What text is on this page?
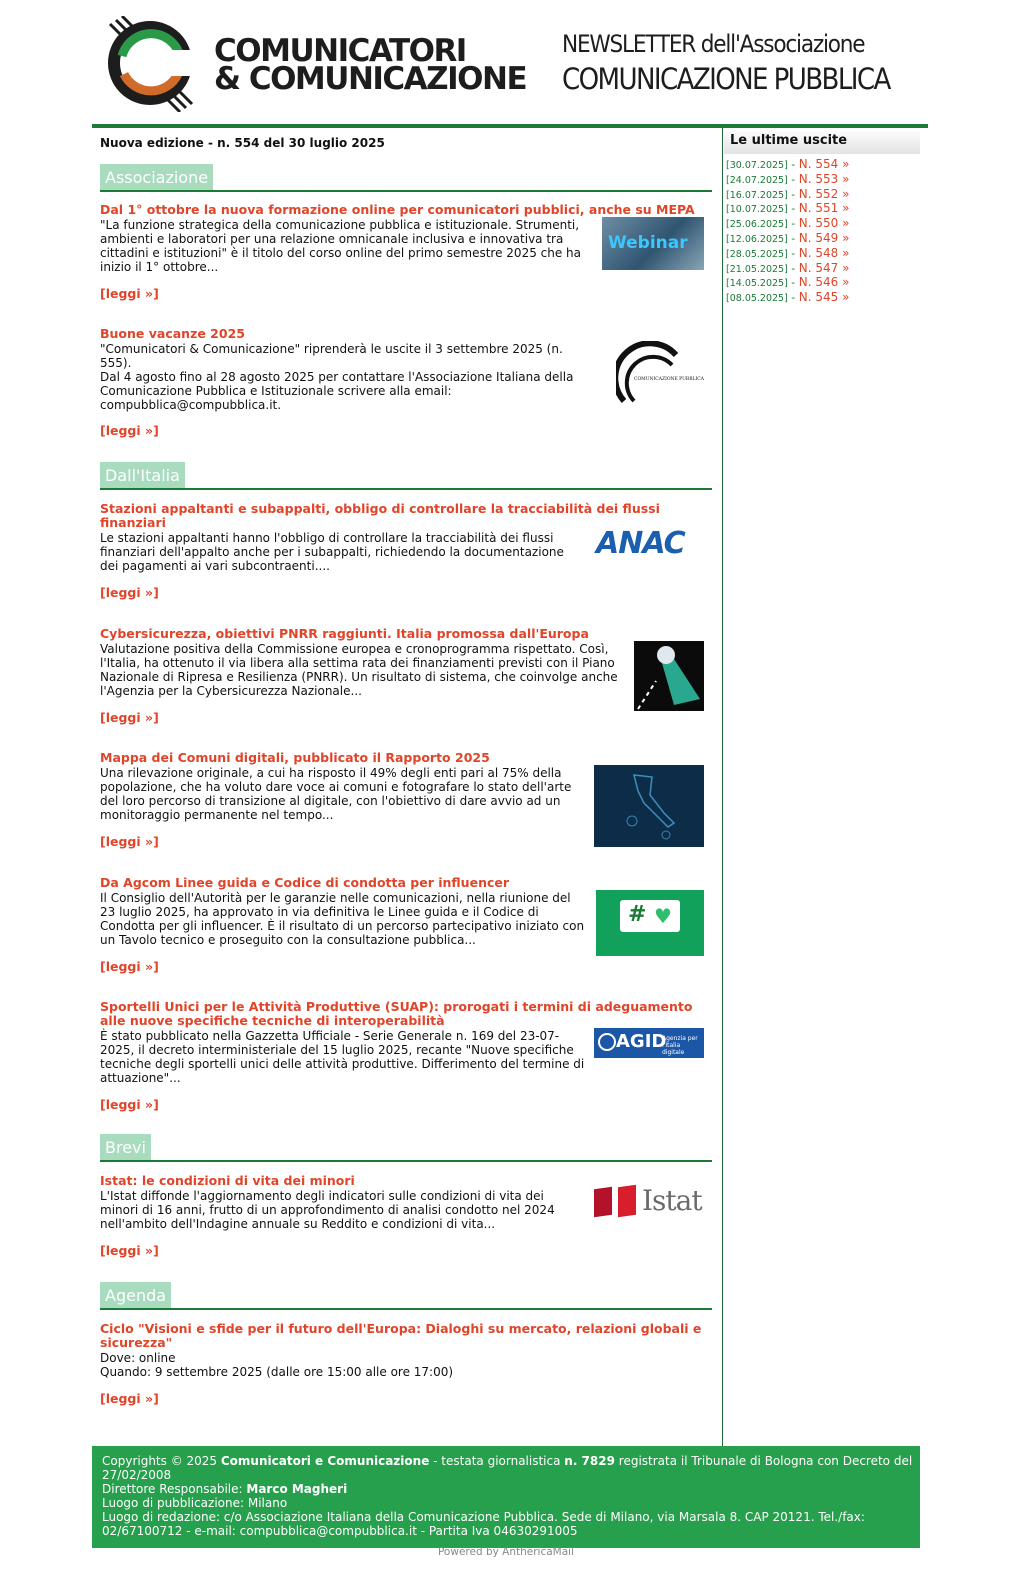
COMUNICATORI
& COMUNICAZIONE
NEWSLETTER dell'Associazione
COMUNICAZIONE PUBBLICA
Nuova edizione - n. 554 del 30 luglio 2025
Associazione
Dal 1° ottobre la nuova formazione online per comunicatori pubblici, anche su MEPA
"La funzione strategica della comunicazione pubblica e istituzionale. Strumenti, ambienti e laboratori per una relazione omnicanale inclusiva e innovativa tra cittadini e istituzioni" è il titolo del corso online del primo semestre 2025 che ha inizio il 1° ottobre...
[leggi »]
Webinar
Buone vacanze 2025
"Comunicatori & Comunicazione" riprenderà le uscite il 3 settembre 2025 (n. 555).
Dal 4 agosto fino al 28 agosto 2025 per contattare l'Associazione Italiana della Comunicazione Pubblica e Istituzionale scrivere alla email: compubblica@compubblica.it.
[leggi »]
COMUNICAZIONE PUBBLICA
Dall'Italia
Stazioni appaltanti e subappalti, obbligo di controllare la tracciabilità dei flussi finanziari
Le stazioni appaltanti hanno l'obbligo di controllare la tracciabilità dei flussi finanziari dell'appalto anche per i subappalti, richiedendo la documentazione dei pagamenti ai vari subcontraenti....
[leggi »]
ANAC
Cybersicurezza, obiettivi PNRR raggiunti. Italia promossa dall'Europa
Valutazione positiva della Commissione europea e cronoprogramma rispettato. Così, l'Italia, ha ottenuto il via libera alla settima rata dei finanziamenti previsti con il Piano Nazionale di Ripresa e Resilienza (PNRR). Un risultato di sistema, che coinvolge anche l'Agenzia per la Cybersicurezza Nazionale...
[leggi »]
Mappa dei Comuni digitali, pubblicato il Rapporto 2025
Una rilevazione originale, a cui ha risposto il 49% degli enti pari al 75% della popolazione, che ha voluto dare voce ai comuni e fotografare lo stato dell'arte del loro percorso di transizione al digitale, con l'obiettivo di dare avvio ad un monitoraggio permanente nel tempo...
[leggi »]
Da Agcom Linee guida e Codice di condotta per influencer
Il Consiglio dell'Autorità per le garanzie nelle comunicazioni, nella riunione del 23 luglio 2025, ha approvato in via definitiva le Linee guida e il Codice di Condotta per gli influencer. È il risultato di un percorso partecipativo iniziato con un Tavolo tecnico e proseguito con la consultazione pubblica...
[leggi »]
# ♥
Sportelli Unici per le Attività Produttive (SUAP): prorogati i termini di adeguamento alle nuove specifiche tecniche di interoperabilità
È stato pubblicato nella Gazzetta Ufficiale - Serie Generale n. 169 del 23-07-2025, il decreto interministeriale del 15 luglio 2025, recante "Nuove specifiche tecniche degli sportelli unici delle attività produttive. Differimento del termine di attuazione"...
[leggi »]
AGID
Agenzia per l'Italia digitale
Brevi
Istat: le condizioni di vita dei minori
L'Istat diffonde l'aggiornamento degli indicatori sulle condizioni di vita dei minori di 16 anni, frutto di un approfondimento di analisi condotto nel 2024 nell'ambito dell'Indagine annuale su Reddito e condizioni di vita...
[leggi »]
Istat
Agenda
Ciclo "Visioni e sfide per il futuro dell'Europa: Dialoghi su mercato, relazioni globali e sicurezza"
Dove: online
Quando: 9 settembre 2025 (dalle ore 15:00 alle ore 17:00)
[leggi »]
Le ultime uscite
[30.07.2025] - N. 554 »
[24.07.2025] - N. 553 »
[16.07.2025] - N. 552 »
[10.07.2025] - N. 551 »
[25.06.2025] - N. 550 »
[12.06.2025] - N. 549 »
[28.05.2025] - N. 548 »
[21.05.2025] - N. 547 »
[14.05.2025] - N. 546 »
[08.05.2025] - N. 545 »
Copyrights © 2025 Comunicatori e Comunicazione - testata giornalistica n. 7829 registrata il Tribunale di Bologna con Decreto del 27/02/2008
Direttore Responsabile: Marco Magheri
Luogo di pubblicazione: Milano
Luogo di redazione: c/o Associazione Italiana della Comunicazione Pubblica. Sede di Milano, via Marsala 8. CAP 20121. Tel./fax: 02/67100712 - e-mail: compubblica@compubblica.it - Partita Iva 04630291005
Powered by AnthericaMail
